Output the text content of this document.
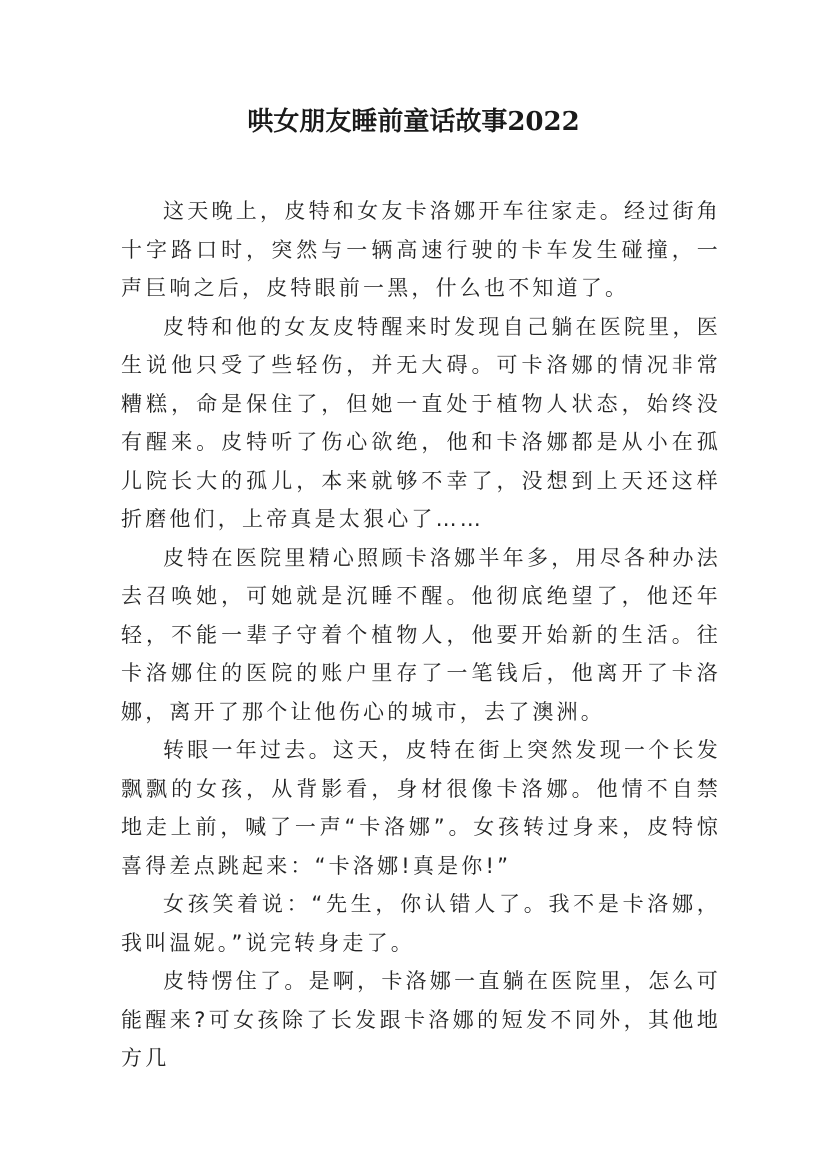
哄女朋友睡前童话故事2022

这天晚上，皮特和女友卡洛娜开车往家走。经过街角十字路口时，突然与一辆高速行驶的卡车发生碰撞，一声巨响之后，皮特眼前一黑，什么也不知道了。

皮特和他的女友皮特醒来时发现自己躺在医院里，医生说他只受了些轻伤，并无大碍。可卡洛娜的情况非常糟糕，命是保住了，但她一直处于植物人状态，始终没有醒来。皮特听了伤心欲绝，他和卡洛娜都是从小在孤儿院长大的孤儿，本来就够不幸了，没想到上天还这样折磨他们，上帝真是太狠心了……

皮特在医院里精心照顾卡洛娜半年多，用尽各种办法去召唤她，可她就是沉睡不醒。他彻底绝望了，他还年轻，不能一辈子守着个植物人，他要开始新的生活。往卡洛娜住的医院的账户里存了一笔钱后，他离开了卡洛娜，离开了那个让他伤心的城市，去了澳洲。

转眼一年过去。这天，皮特在街上突然发现一个长发飘飘的女孩，从背影看，身材很像卡洛娜。他情不自禁地走上前，喊了一声“卡洛娜”。女孩转过身来，皮特惊喜得差点跳起来：“卡洛娜!真是你!”

女孩笑着说：“先生，你认错人了。我不是卡洛娜，我叫温妮。”说完转身走了。

皮特愣住了。是啊，卡洛娜一直躺在医院里，怎么可能醒来?可女孩除了长发跟卡洛娜的短发不同外，其他地方几
